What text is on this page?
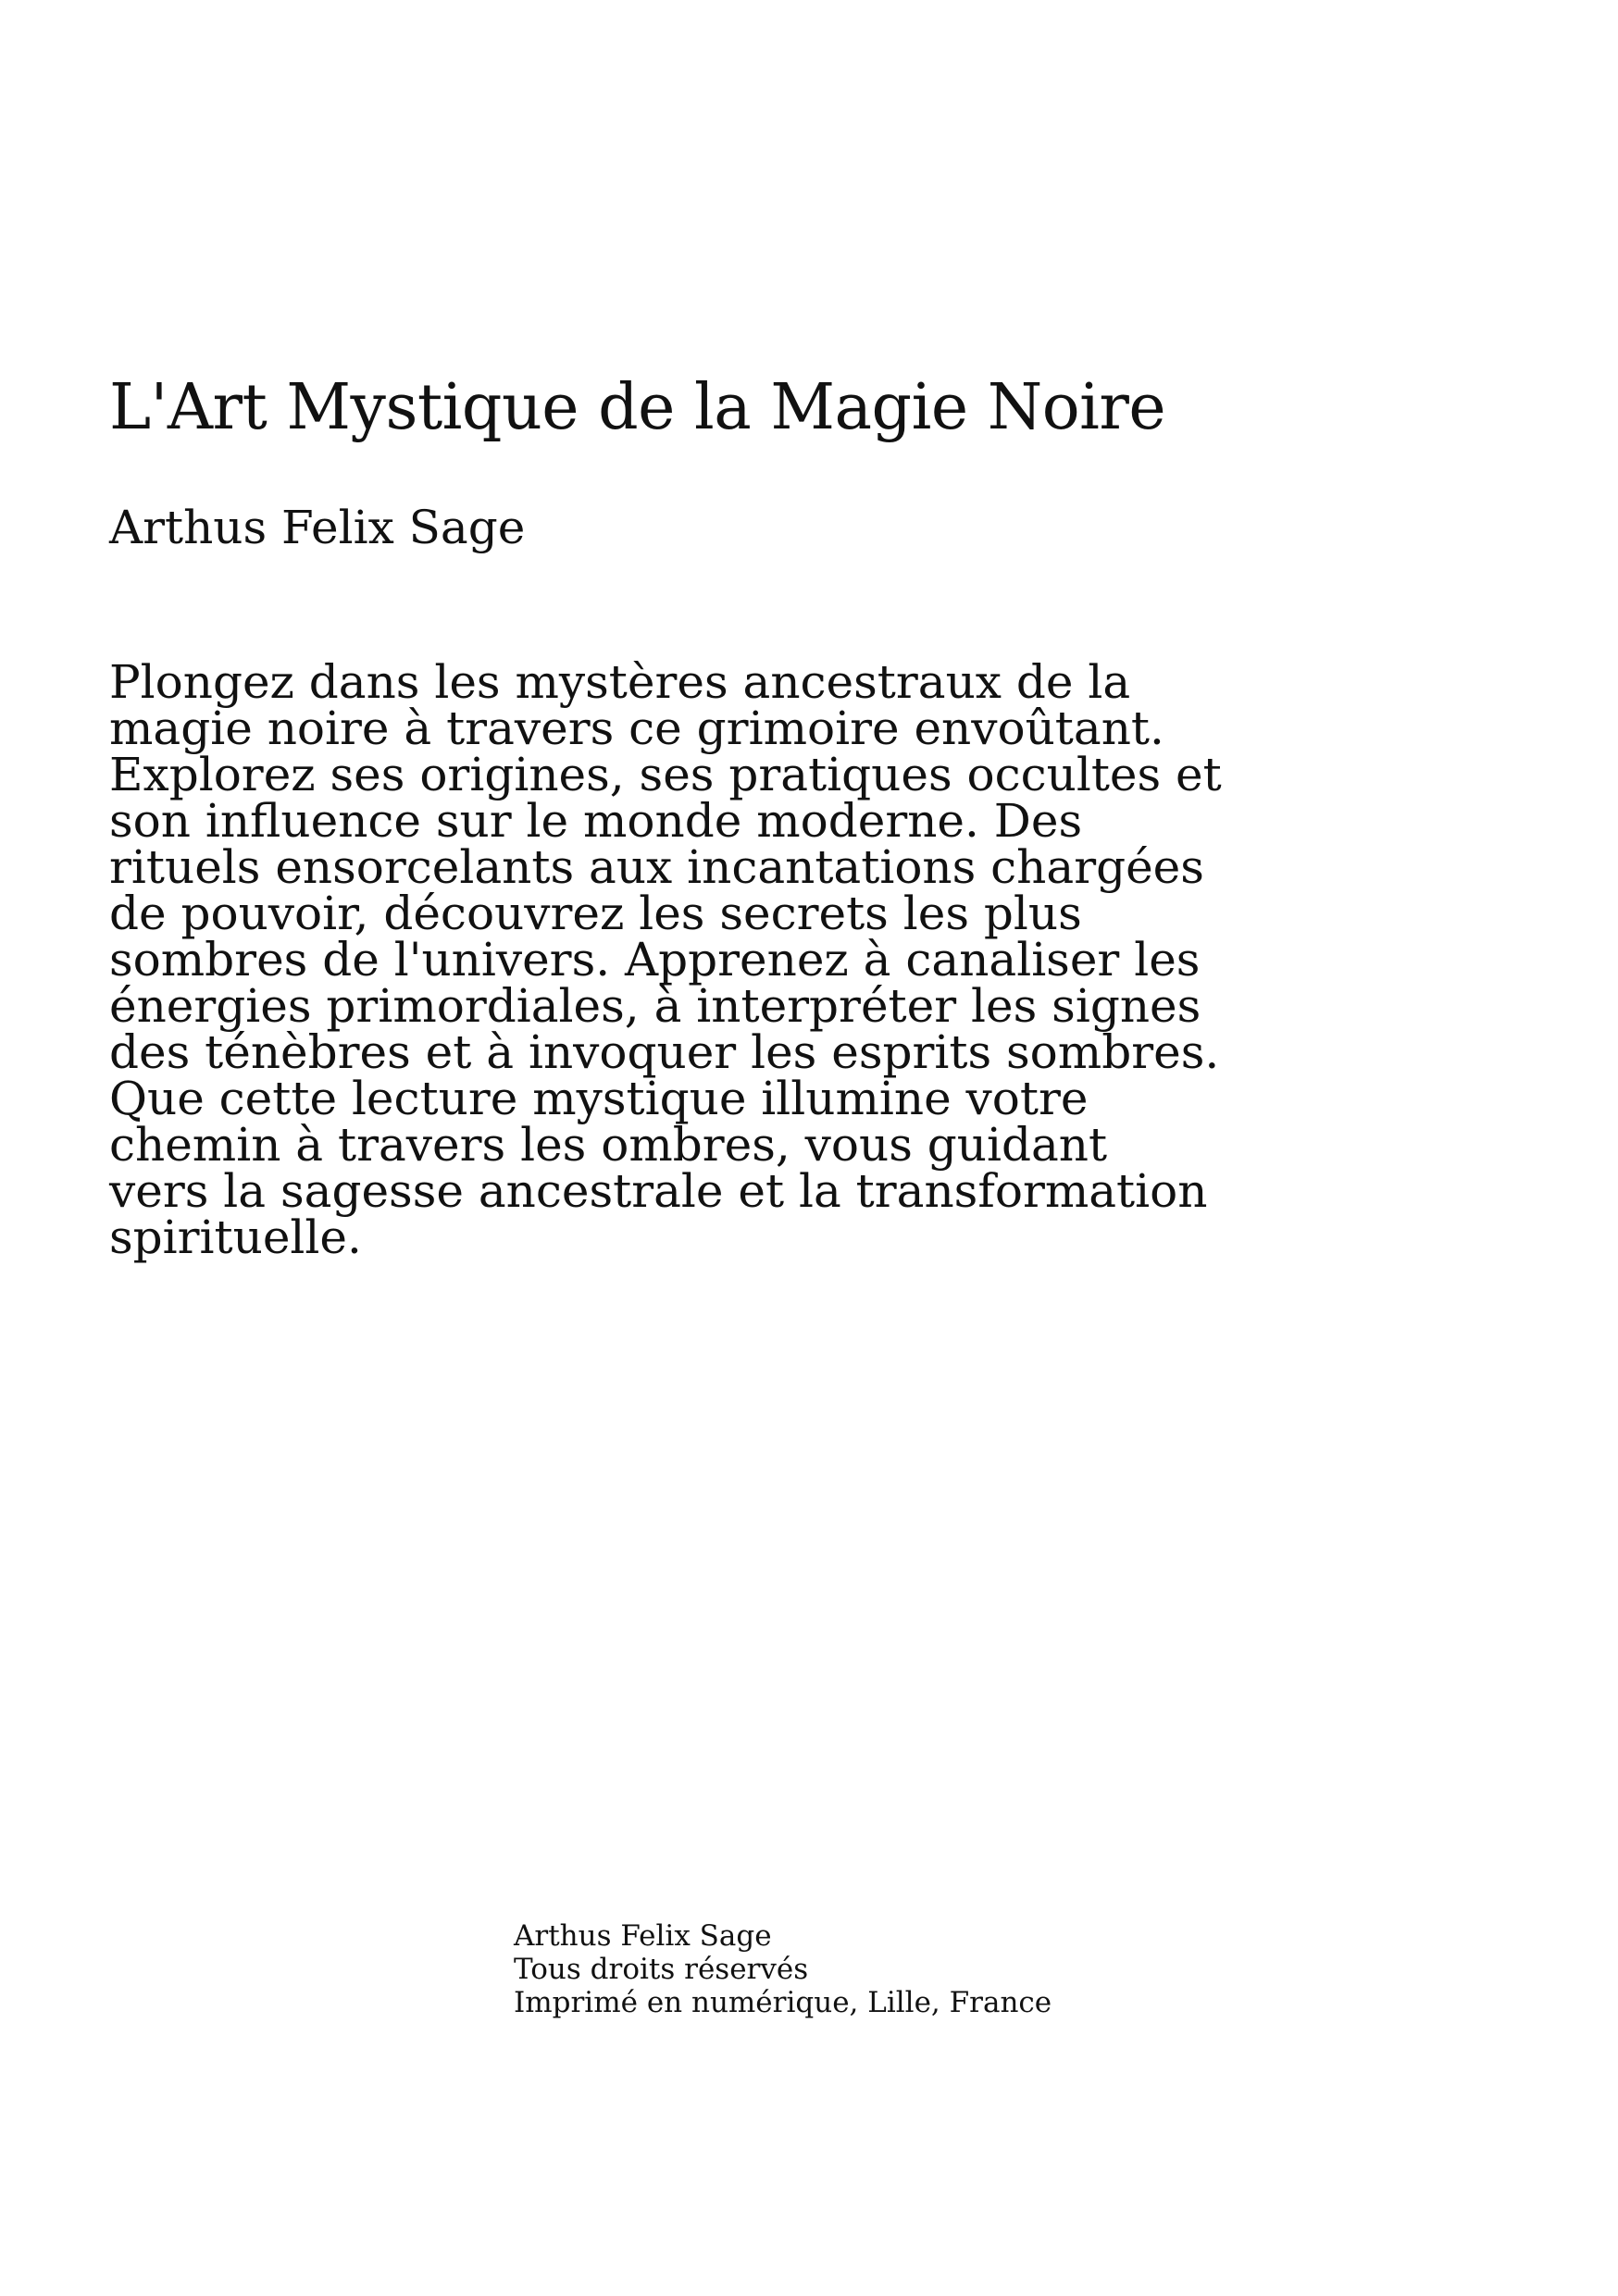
L'Art Mystique de la Magie Noire

Arthus Felix Sage

Plongez dans les mystères ancestraux de la
magie noire à travers ce grimoire envoûtant.
Explorez ses origines, ses pratiques occultes et
son influence sur le monde moderne. Des
rituels ensorcelants aux incantations chargées
de pouvoir, découvrez les secrets les plus
sombres de l'univers. Apprenez à canaliser les
énergies primordiales, à interpréter les signes
des ténèbres et à invoquer les esprits sombres.
Que cette lecture mystique illumine votre
chemin à travers les ombres, vous guidant
vers la sagesse ancestrale et la transformation
spirituelle.

Arthus Felix Sage
Tous droits réservés
Imprimé en numérique, Lille, France
